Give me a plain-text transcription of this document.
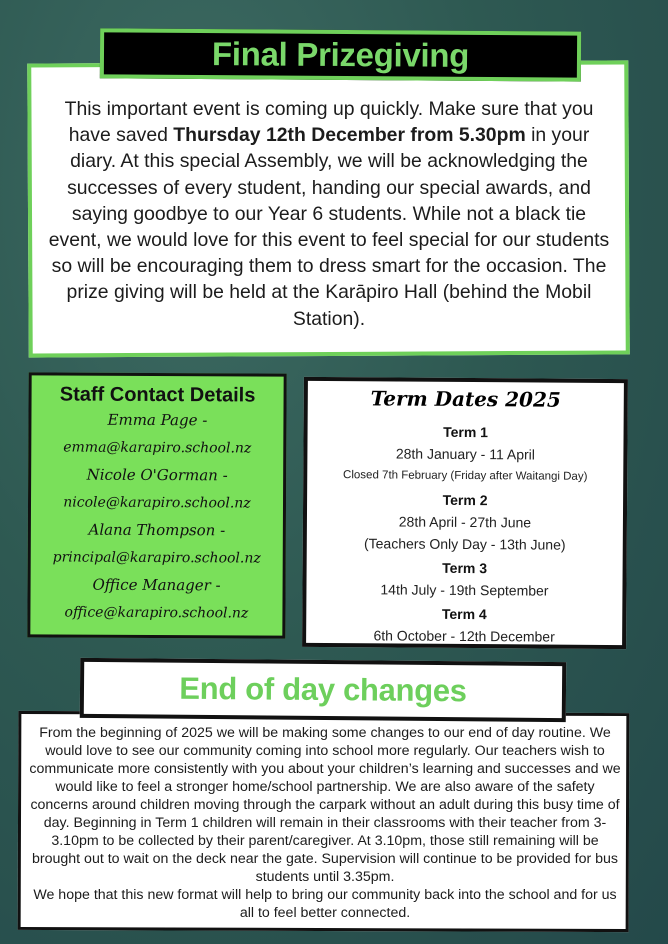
Final Prizegiving
This important event is coming up quickly. Make sure that you have saved Thursday 12th December from 5.30pm in your diary. At this special Assembly, we will be acknowledging the successes of every student, handing our special awards, and saying goodbye to our Year 6 students. While not a black tie event, we would love for this event to feel special for our students so will be encouraging them to dress smart for the occasion. The prize giving will be held at the Karāpiro Hall (behind the Mobil Station).
Staff Contact Details
Emma Page -
emma@karapiro.school.nz
Nicole O'Gorman -
nicole@karapiro.school.nz
Alana Thompson -
principal@karapiro.school.nz
Office Manager -
office@karapiro.school.nz
Term Dates 2025
Term 1
28th January - 11 April
Closed 7th February (Friday after Waitangi Day)
Term 2
28th April - 27th June
(Teachers Only Day - 13th June)
Term 3
14th July - 19th September
Term 4
6th October - 12th December
End of day changes
From the beginning of 2025 we will be making some changes to our end of day routine. We would love to see our community coming into school more regularly. Our teachers wish to communicate more consistently with you about your children’s learning and successes and we would like to feel a stronger home/school partnership. We are also aware of the safety concerns around children moving through the carpark without an adult during this busy time of day. Beginning in Term 1 children will remain in their classrooms with their teacher from 3-3.10pm to be collected by their parent/caregiver. At 3.10pm, those still remaining will be brought out to wait on the deck near the gate. Supervision will continue to be provided for bus students until 3.35pm.
We hope that this new format will help to bring our community back into the school and for us all to feel better connected.
